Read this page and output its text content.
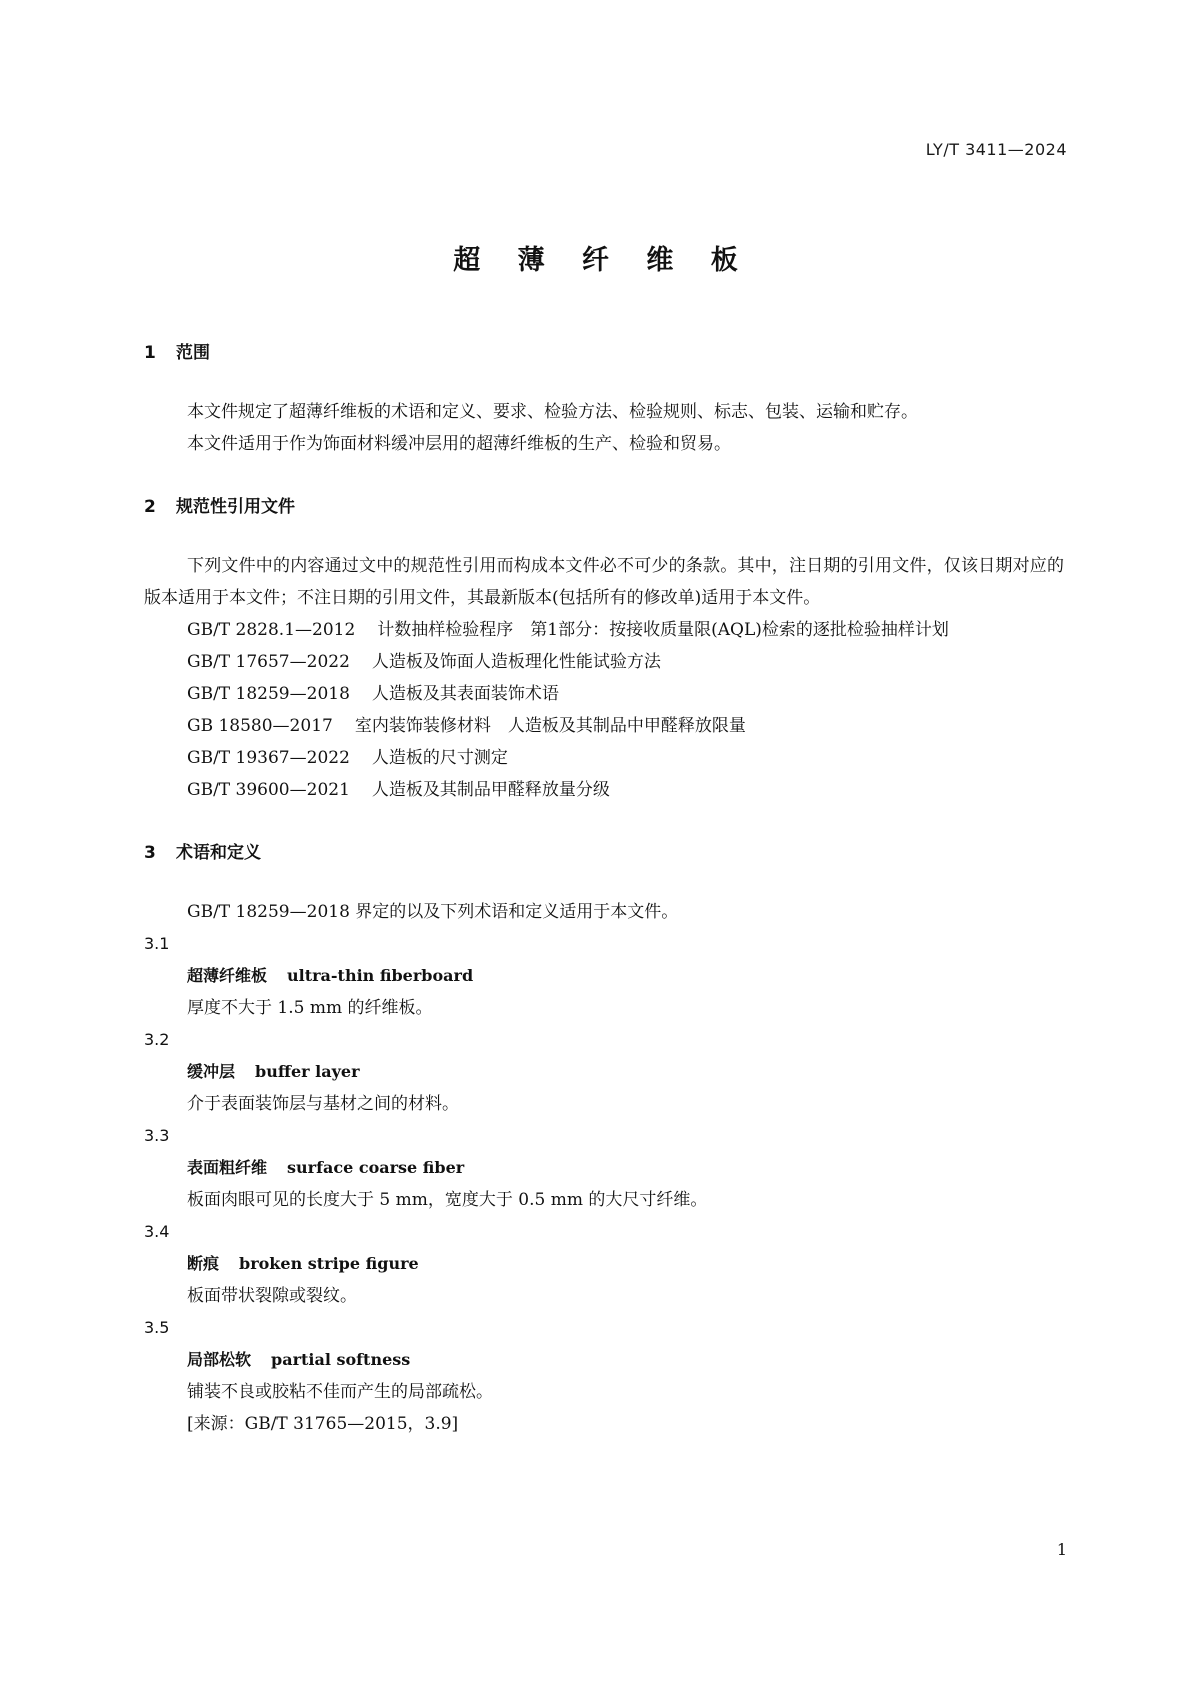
LY/T 3411—2024
超 薄 纤 维 板
1	范围
本文件规定了超薄纤维板的术语和定义、要求、检验方法、检验规则、标志、包装、运输和贮存。
本文件适用于作为饰面材料缓冲层用的超薄纤维板的生产、检验和贸易。
2	规范性引用文件
下列文件中的内容通过文中的规范性引用而构成本文件必不可少的条款。其中，注日期的引用文件，仅该日期对应的版本适用于本文件；不注日期的引用文件，其最新版本(包括所有的修改单)适用于本文件。
GB/T 2828.1—2012 计数抽样检验程序　第1部分：按接收质量限(AQL)检索的逐批检验抽样计划
GB/T 17657—2022 人造板及饰面人造板理化性能试验方法
GB/T 18259—2018 人造板及其表面装饰术语
GB 18580—2017 室内装饰装修材料　人造板及其制品中甲醛释放限量
GB/T 19367—2022 人造板的尺寸测定
GB/T 39600—2021 人造板及其制品甲醛释放量分级
3	术语和定义
GB/T 18259—2018 界定的以及下列术语和定义适用于本文件。
3.1
超薄纤维板 ultra-thin fiberboard
厚度不大于 1.5 mm 的纤维板。
3.2
缓冲层 buffer layer
介于表面装饰层与基材之间的材料。
3.3
表面粗纤维 surface coarse fiber
板面肉眼可见的长度大于 5 mm，宽度大于 0.5 mm 的大尺寸纤维。
3.4
断痕 broken stripe figure
板面带状裂隙或裂纹。
3.5
局部松软 partial softness
铺装不良或胶粘不佳而产生的局部疏松。
[来源：GB/T 31765—2015，3.9]
1
